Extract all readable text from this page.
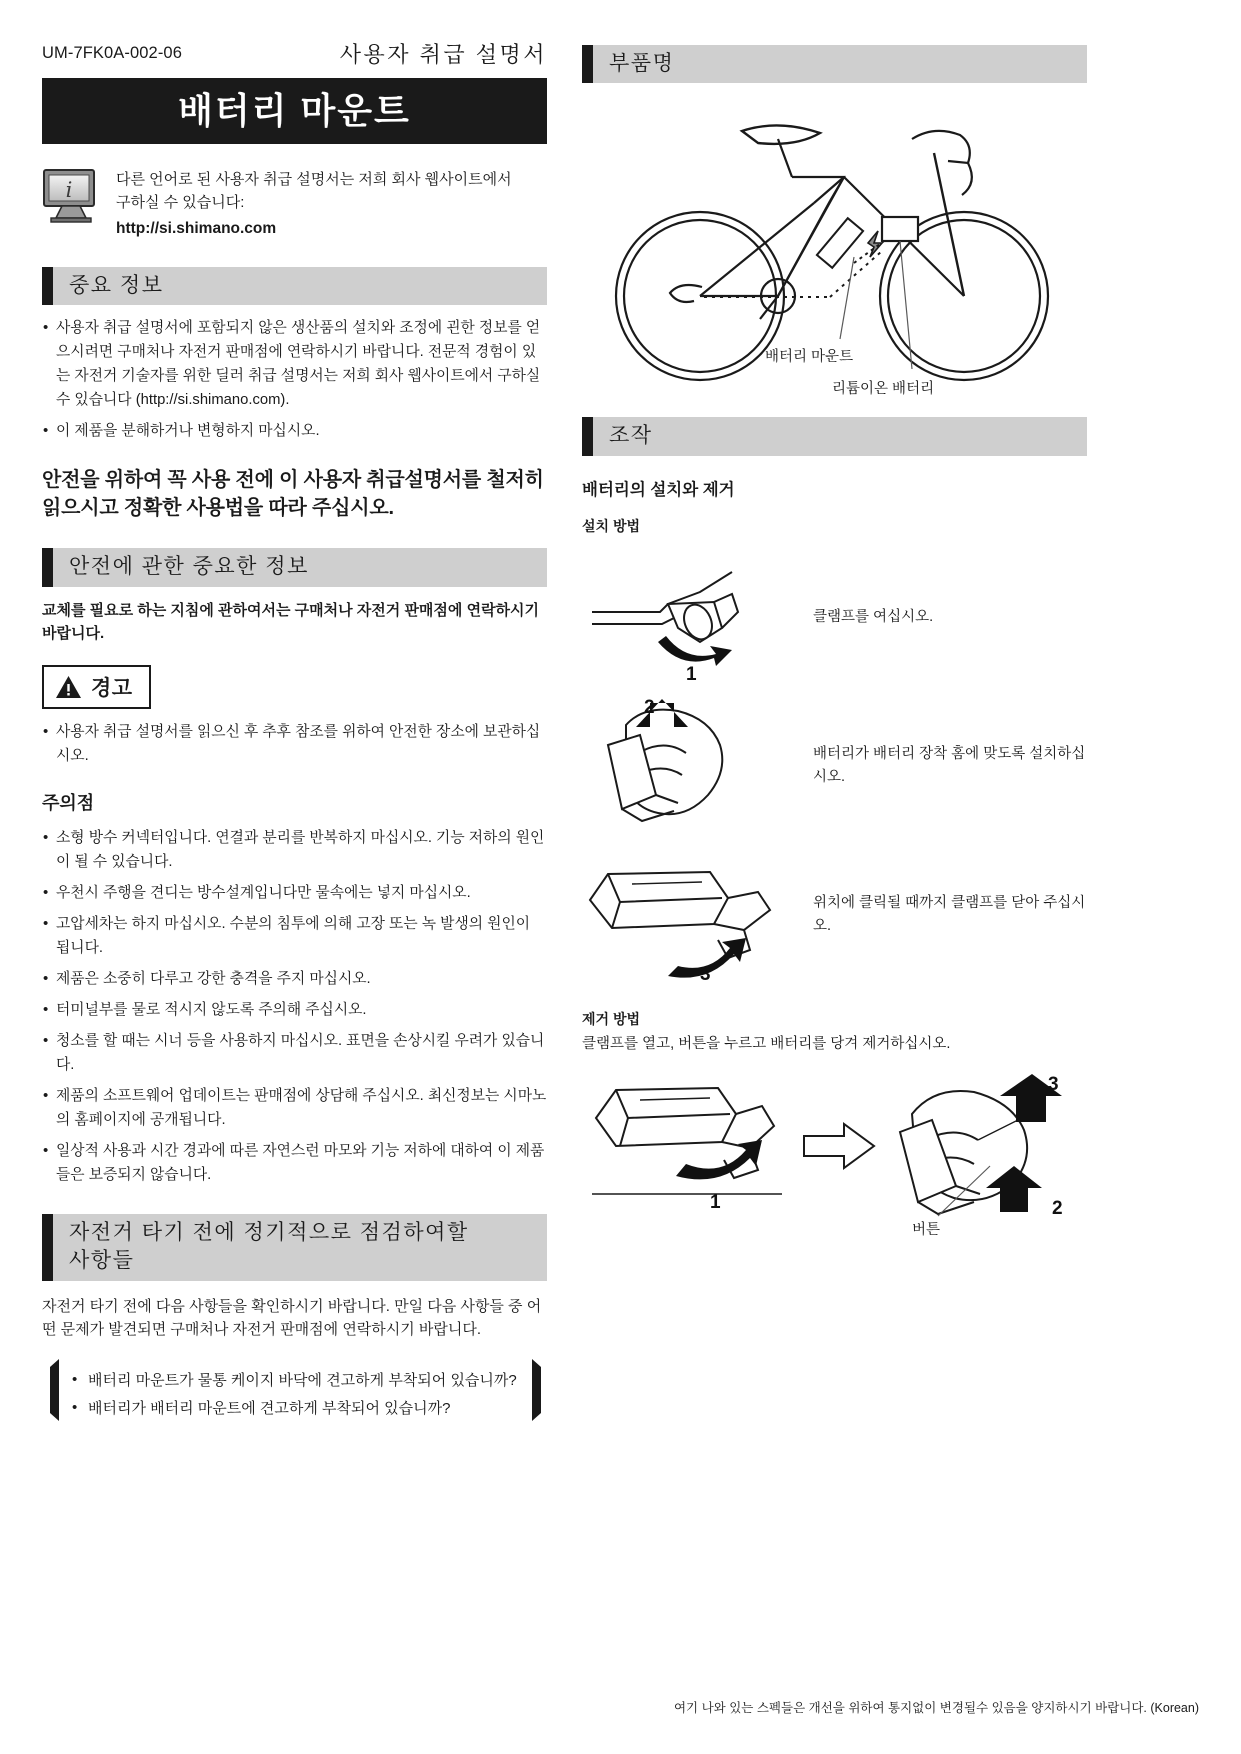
UM-7FK0A-002-06	사용자 취급 설명서
배터리 마운트
i	다른 언어로 된 사용자 취급 설명서는 저희 회사 웹사이트에서
구하실 수 있습니다:
http://si.shimano.com
중요 정보
• 사용자 취급 설명서에 포함되지 않은 생산품의 설치와 조정에 괸한 정보를 얻으시려면 구매처나 자전거 판매점에 연락하시기 바랍니다. 전문적 경험이 있는 자전거 기술자를 위한 딜러 취급 설명서는 저희 회사 웹사이트에서 구하실 수 있습니다 (http://si.shimano.com).
• 이 제품을 분해하거나 변형하지 마십시오.
안전을 위하여 꼭 사용 전에 이 사용자 취급설명서를 철저히 읽으시고 정확한 사용법을 따라 주십시오.
안전에 관한 중요한 정보
교체를 필요로 하는 지침에 관하여서는 구매처나 자전거 판매점에 연락하시기 바랍니다.
경고
• 사용자 취급 설명서를 읽으신 후 추후 참조를 위하여 안전한 장소에 보관하십시오.
주의점
• 소형 방수 커넥터입니다. 연결과 분리를 반복하지 마십시오. 기능 저하의 원인이 될 수 있습니다.
• 우천시 주행을 견디는 방수설계입니다만 물속에는 넣지 마십시오.
• 고압세차는 하지 마십시오. 수분의 침투에 의해 고장 또는 녹 발생의 원인이 됩니다.
• 제품은 소중히 다루고 강한 충격을 주지 마십시오.
• 터미널부를 물로 적시지 않도록 주의해 주십시오.
• 청소를 할 때는 시너 등을 사용하지 마십시오. 표면을 손상시킬 우려가 있습니다.
• 제품의 소프트웨어 업데이트는 판매점에 상담해 주십시오. 최신정보는 시마노의 홈페이지에 공개됩니다.
• 일상적 사용과 시간 경과에 따른 자연스런 마모와 기능 저하에 대하여 이 제품들은 보증되지 않습니다.
자전거 타기 전에 정기적으로 점검하여할
사항들
자전거 타기 전에 다음 사항들을 확인하시기 바랍니다. 만일 다음 사항들 중 어떤 문제가 발견되면 구매처나 자전거 판매점에 연락하시기 바랍니다.
• 배터리 마운트가 물통 케이지 바닥에 견고하게 부착되어 있습니까?
• 배터리가 배터리 마운트에 견고하게 부착되어 있습니까?
부품명
배터리 마운트
리튬이온 배터리
조작
배터리의 설치와 제거
설치 방법
1
클램프를 여십시오.
2
배터리가 배터리 장착 홈에 맞도록 설치하십시오.
3
위치에 클릭될 때까지 클램프를 닫아 주십시오.
제거 방법
클램프를 열고, 버튼을 누르고 배터리를 당겨 제거하십시오.
1
3
2
버튼
여기 나와 있는 스펙들은 개선을 위하여 통지없이 변경될수 있음을 양지하시기 바랍니다. (Korean)
